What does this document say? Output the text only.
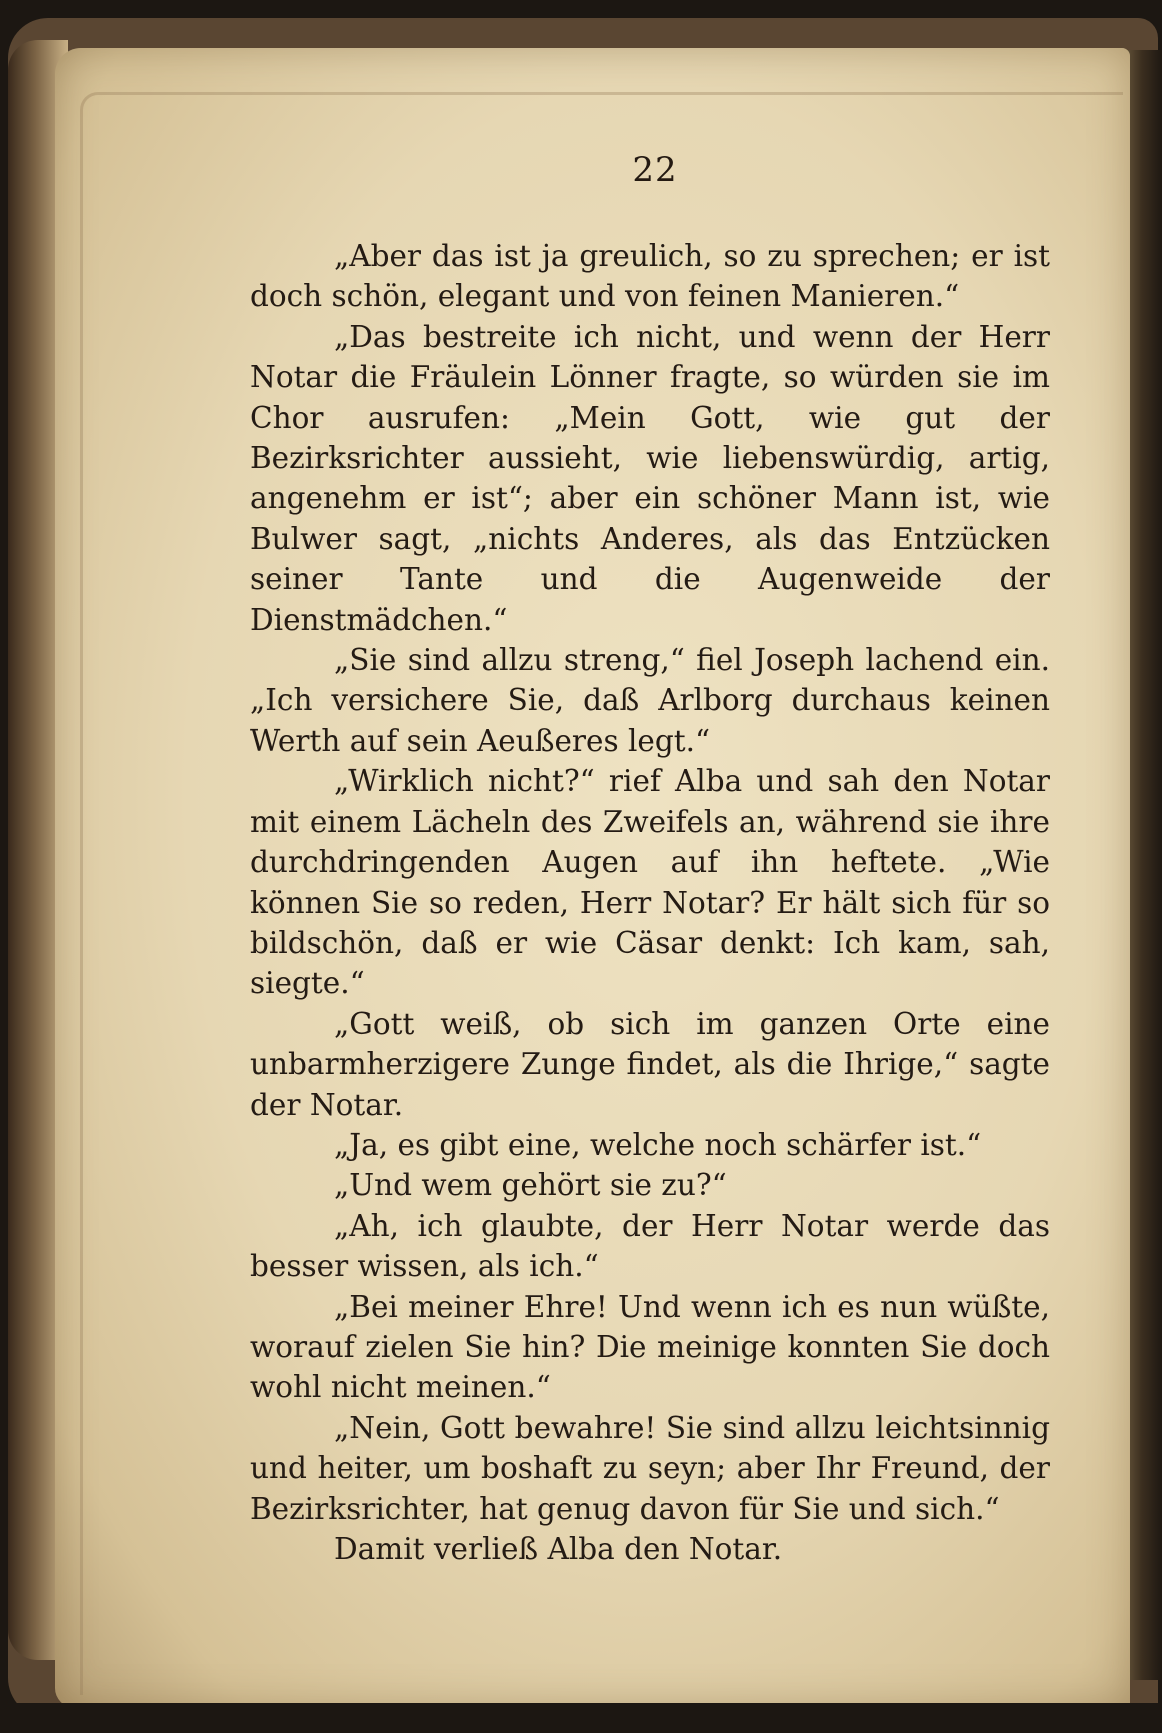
22

„Aber das ist ja greulich, so zu sprechen; er ist doch schön, elegant und von feinen Manieren.“

„Das bestreite ich nicht, und wenn der Herr Notar die Fräulein Lönner fragte, so würden sie im Chor ausrufen: „Mein Gott, wie gut der Bezirksrichter aussieht, wie liebenswürdig, artig, angenehm er ist“; aber ein schöner Mann ist, wie Bulwer sagt, „nichts Anderes, als das Entzücken seiner Tante und die Augenweide der Dienstmädchen.“

„Sie sind allzu streng,“ fiel Joseph lachend ein. „Ich versichere Sie, daß Arlborg durchaus keinen Werth auf sein Aeußeres legt.“

„Wirklich nicht?“ rief Alba und sah den Notar mit einem Lächeln des Zweifels an, während sie ihre durchdringenden Augen auf ihn heftete. „Wie können Sie so reden, Herr Notar? Er hält sich für so bildschön, daß er wie Cäsar denkt: Ich kam, sah, siegte.“

„Gott weiß, ob sich im ganzen Orte eine unbarmherzigere Zunge findet, als die Ihrige,“ sagte der Notar.

„Ja, es gibt eine, welche noch schärfer ist.“

„Und wem gehört sie zu?“

„Ah, ich glaubte, der Herr Notar werde das besser wissen, als ich.“

„Bei meiner Ehre! Und wenn ich es nun wüßte, worauf zielen Sie hin? Die meinige konnten Sie doch wohl nicht meinen.“

„Nein, Gott bewahre! Sie sind allzu leichtsinnig und heiter, um boshaft zu seyn; aber Ihr Freund, der Bezirksrichter, hat genug davon für Sie und sich.“

Damit verließ Alba den Notar.
